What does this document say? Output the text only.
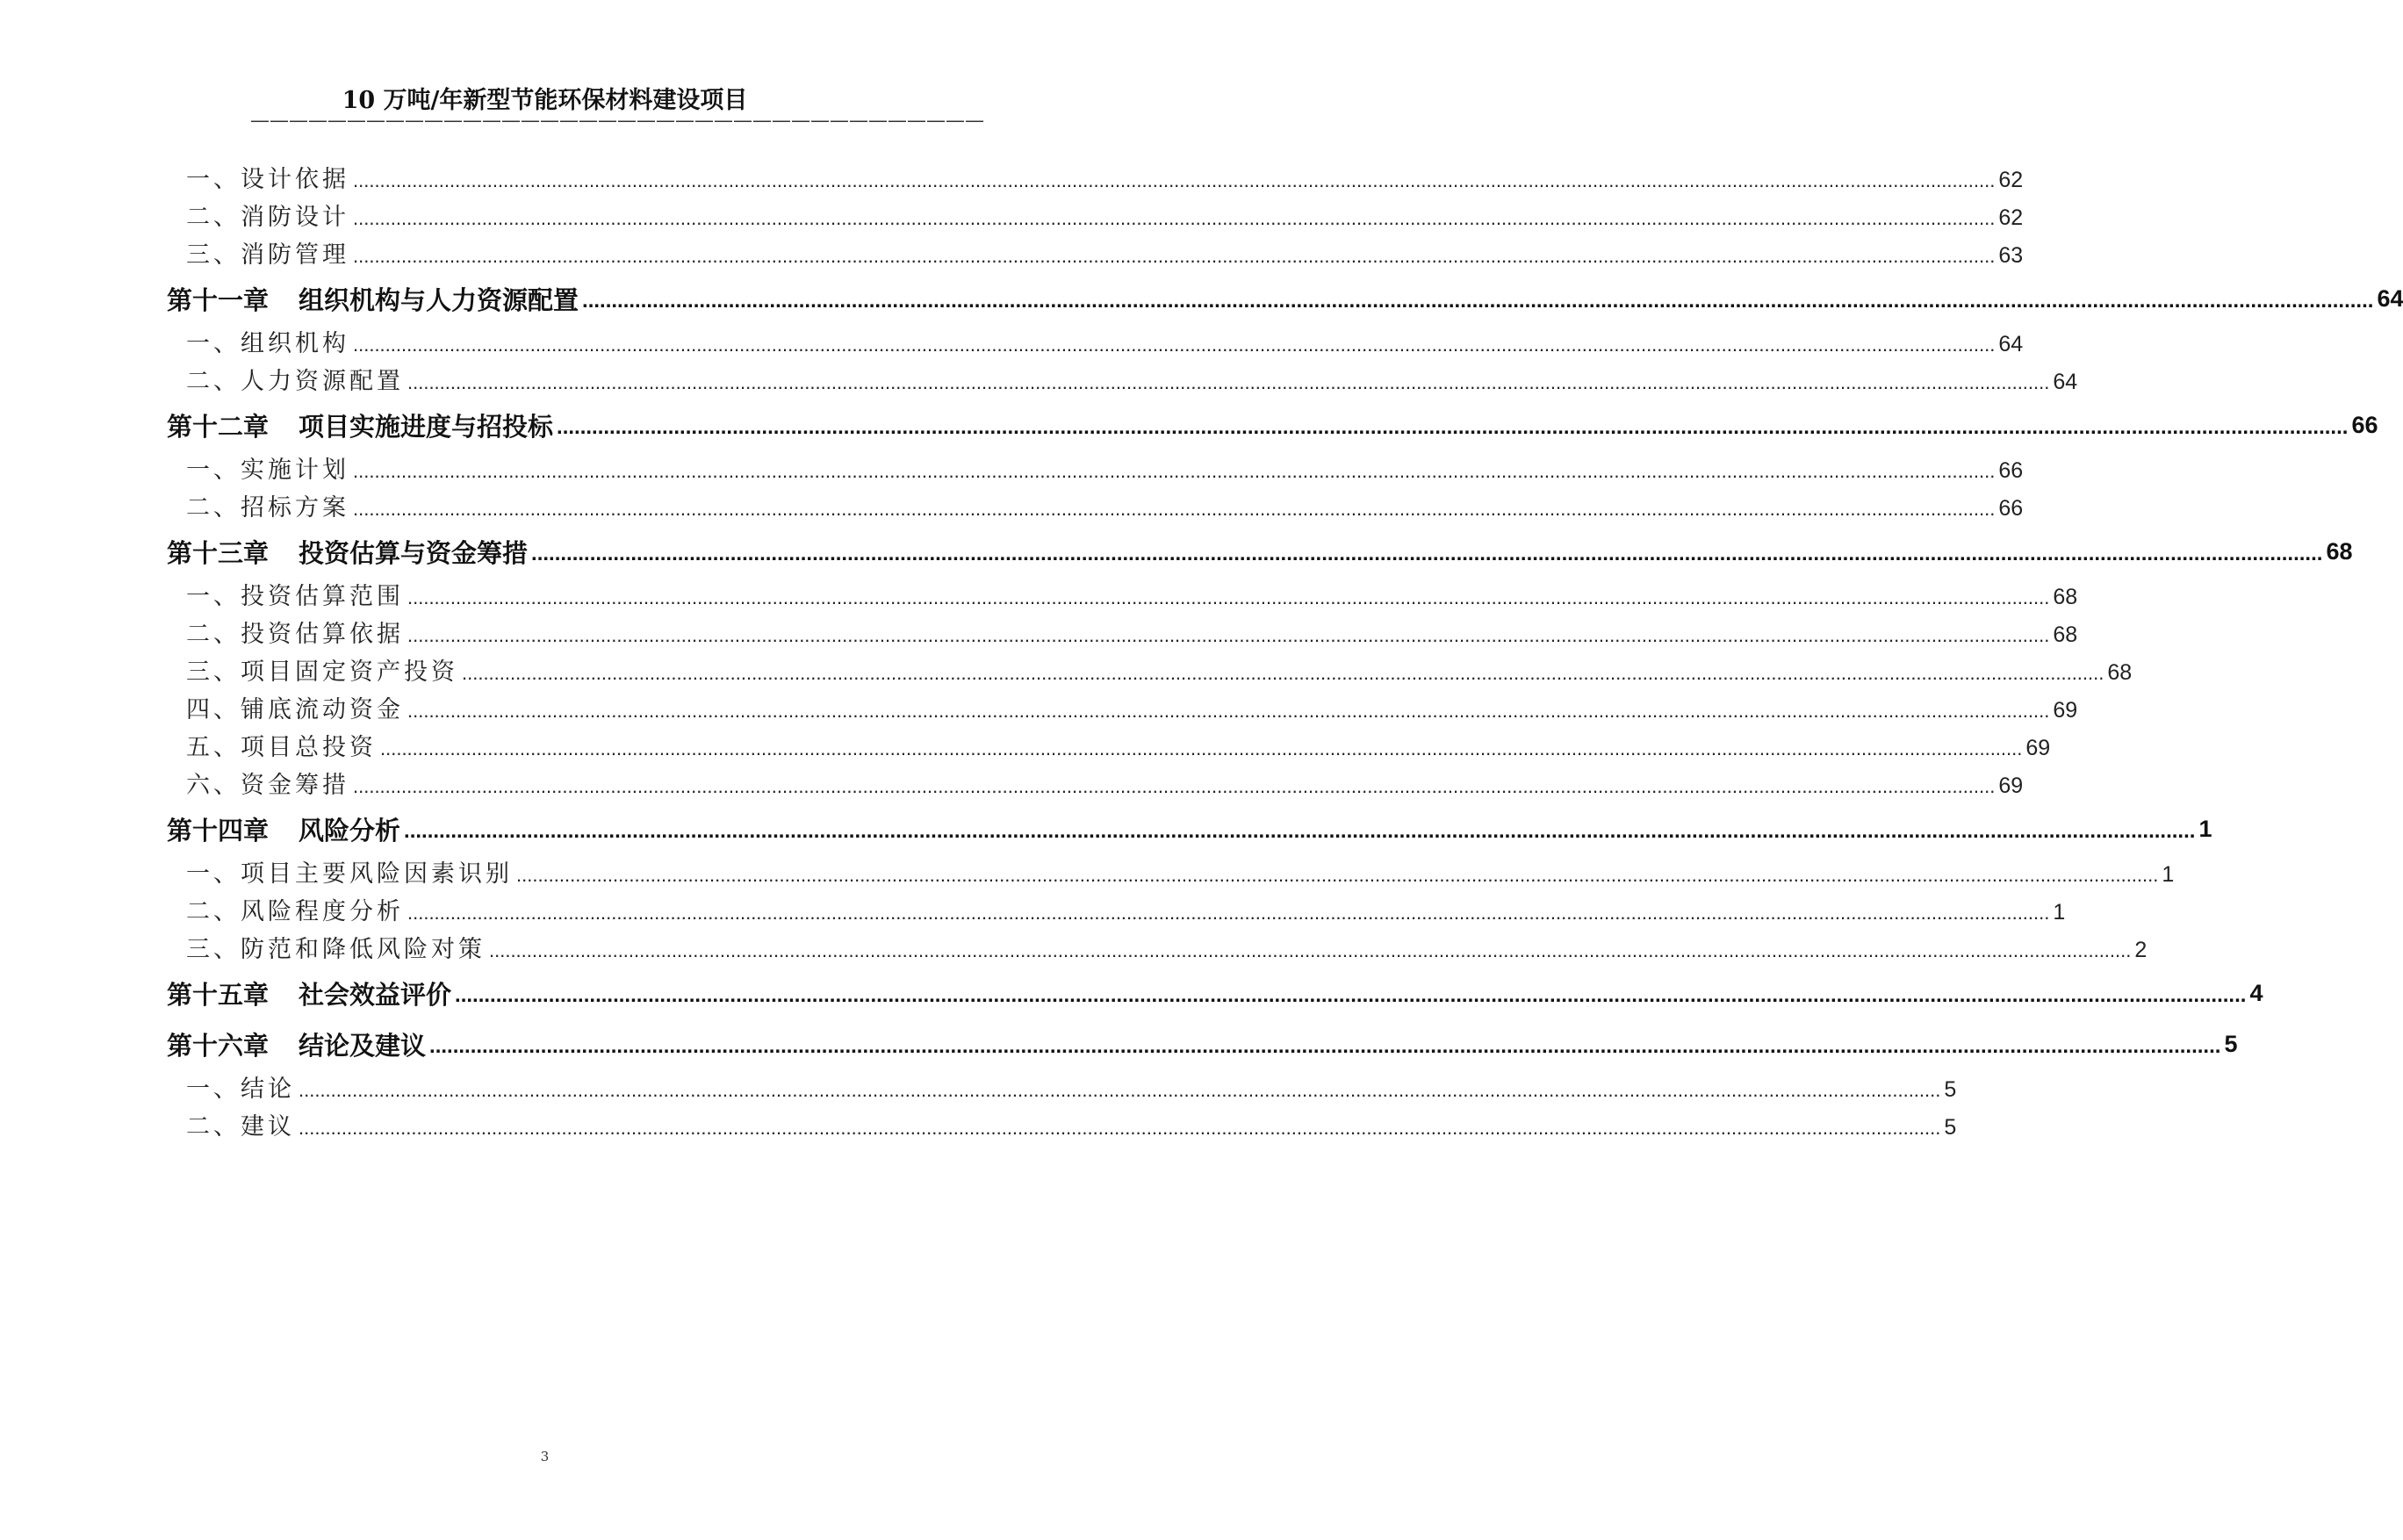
10 万吨/年新型节能环保材料建设项目
——————————————————————————————————————
一、设计依据 .....	62
二、消防设计 .....	62
三、消防管理 .....	63
第十一章 组织机构与人力资源配置 .....	64
一、组织机构 .....	64
二、人力资源配置 .....	64
第十二章 项目实施进度与招投标 .....	66
一、实施计划 .....	66
二、招标方案 .....	66
第十三章 投资估算与资金筹措 .....	68
一、投资估算范围 .....	68
二、投资估算依据 .....	68
三、项目固定资产投资 .....	68
四、铺底流动资金 .....	69
五、项目总投资 .....	69
六、资金筹措 .....	69
第十四章 风险分析 .....	1
一、项目主要风险因素识别 .....	1
二、风险程度分析 .....	1
三、防范和降低风险对策 .....	2
第十五章 社会效益评价 .....	4
第十六章 结论及建议 .....	5
一、结论 .....	5
二、建议 .....	5
3
